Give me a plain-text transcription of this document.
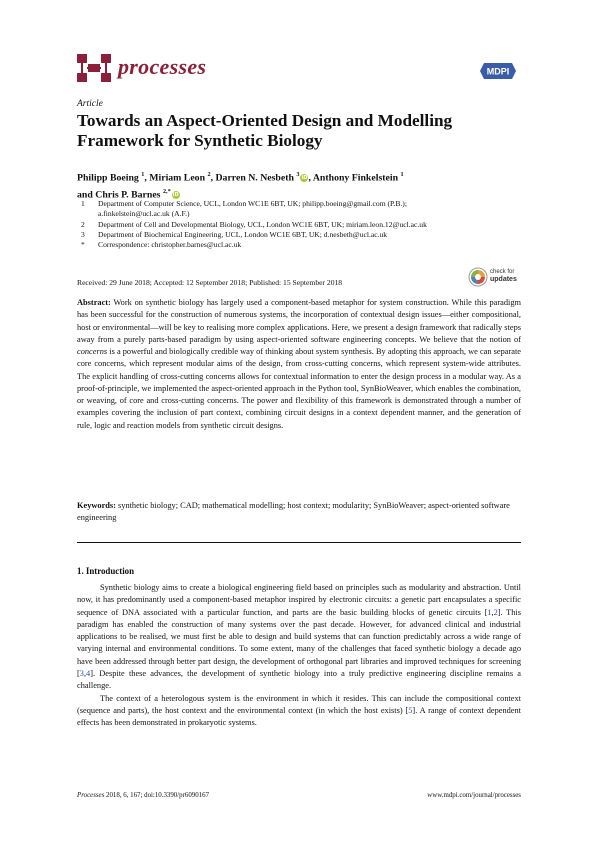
processes	MDPI
Article
Towards an Aspect-Oriented Design and Modelling Framework for Synthetic Biology
Philipp Boeing $^1$, Miriam Leon $^2$, Darren N. Nesbeth $^3$iD, Anthony Finkelstein $^1$
and Chris P. Barnes $^{2,*}$iD
1	Department of Computer Science, UCL, London WC1E 6BT, UK; philipp.boeing@gmail.com (P.B.);
a.finkelstein@ucl.ac.uk (A.F.)
2	Department of Cell and Developmental Biology, UCL, London WC1E 6BT, UK; miriam.leon.12@ucl.ac.uk
3	Department of Biochemical Engineering, UCL, London WC1E 6BT, UK; d.nesbeth@ucl.ac.uk
*	Correspondence: christopher.barnes@ucl.ac.uk
Received: 29 June 2018; Accepted: 12 September 2018; Published: 15 September 2018
check for
updates
Abstract: Work on synthetic biology has largely used a component-based metaphor for system construction. While this paradigm has been successful for the construction of numerous systems, the incorporation of contextual design issues—either compositional, host or environmental—will be key to realising more complex applications. Here, we present a design framework that radically steps away from a purely parts-based paradigm by using aspect-oriented software engineering concepts. We believe that the notion of concerns is a powerful and biologically credible way of thinking about system synthesis. By adopting this approach, we can separate core concerns, which represent modular aims of the design, from cross-cutting concerns, which represent system-wide attributes. The explicit handling of cross-cutting concerns allows for contextual information to enter the design process in a modular way. As a proof-of-principle, we implemented the aspect-oriented approach in the Python tool, SynBioWeaver, which enables the combination, or weaving, of core and cross-cutting concerns. The power and flexibility of this framework is demonstrated through a number of examples covering the inclusion of part context, combining circuit designs in a context dependent manner, and the generation of rule, logic and reaction models from synthetic circuit designs.
Keywords: synthetic biology; CAD; mathematical modelling; host context; modularity; SynBioWeaver; aspect-oriented software engineering
1. Introduction

Synthetic biology aims to create a biological engineering field based on principles such as modularity and abstraction. Until now, it has predominantly used a component-based metaphor inspired by electronic circuits: a genetic part encapsulates a specific sequence of DNA associated with a particular function, and parts are the basic building blocks of genetic circuits [1,2]. This paradigm has enabled the construction of many systems over the past decade. However, for advanced clinical and industrial applications to be realised, we must first be able to design and build systems that can function predictably across a wide range of varying internal and environmental conditions. To some extent, many of the challenges that faced synthetic biology a decade ago have been addressed through better part design, the development of orthogonal part libraries and improved techniques for screening [3,4]. Despite these advances, the development of synthetic biology into a truly predictive engineering discipline remains a challenge.

The context of a heterologous system is the environment in which it resides. This can include the compositional context (sequence and parts), the host context and the environmental context (in which the host exists) [5]. A range of context dependent effects has been demonstrated in prokaryotic systems.

Processes 2018, 6, 167; doi:10.3390/pr6090167	www.mdpi.com/journal/processes
